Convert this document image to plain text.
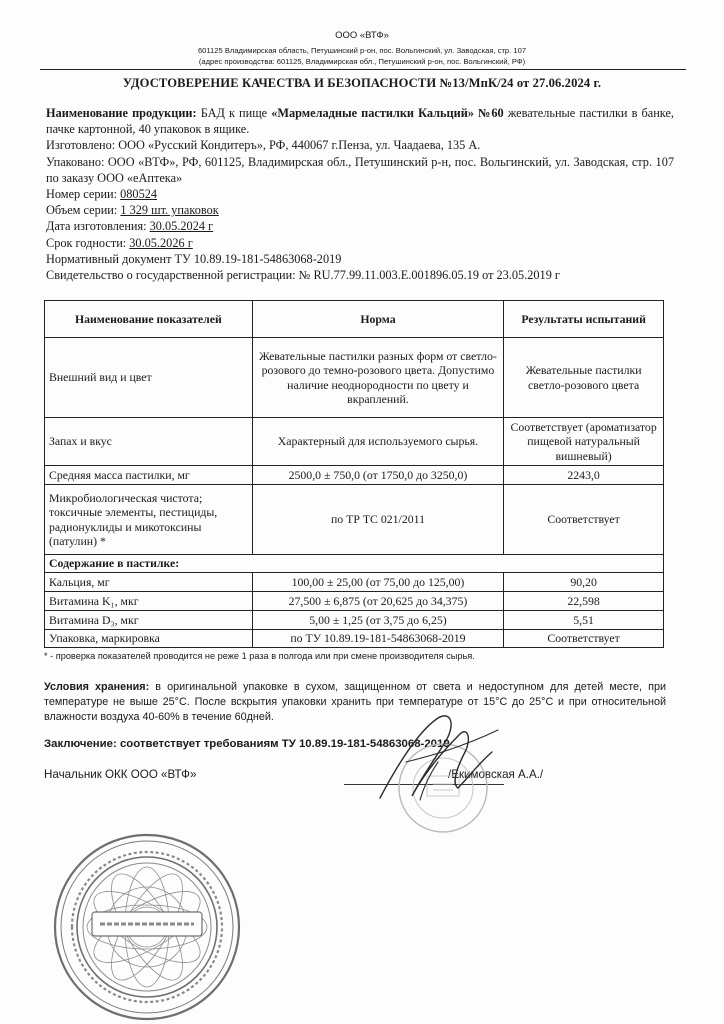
ООО «ВТФ»
601125 Владимирская область, Петушинский р-он, пос. Вольгинский, ул. Заводская, стр. 107
(адрес производства: 601125, Владимирская обл., Петушинский р-он, пос. Вольгинский, РФ)
УДОСТОВЕРЕНИЕ КАЧЕСТВА И БЕЗОПАСНОСТИ №13/МпК/24 от 27.06.2024 г.

Наименование продукции: БАД к пище «Мармеладные пастилки Кальций» №60 жевательные пастилки в банке, пачке картонной, 40 упаковок в ящике.

Изготовлено: ООО «Русский Кондитеръ», РФ, 440067 г.Пенза, ул. Чаадаева, 135 А.

Упаковано: ООО «ВТФ», РФ, 601125, Владимирская обл., Петушинский р-н, пос. Вольгинский, ул. Заводская, стр. 107 по заказу ООО «еАптека»

Номер серии: 080524

Объем серии: 1 329 шт. упаковок

Дата изготовления: 30.05.2024 г

Срок годности: 30.05.2026 г

Нормативный документ ТУ 10.89.19-181-54863068-2019

Свидетельство о государственной регистрации: № RU.77.99.11.003.Е.001896.05.19 от 23.05.2019 г

Наименование показателей	Норма	Результаты испытаний
Внешний вид и цвет	Жевательные пастилки разных форм от светло-розового до темно-розового цвета. Допустимо наличие неоднородности по цвету и вкраплений.	Жевательные пастилки светло-розового цвета
Запах и вкус	Характерный для используемого сырья.	Соответствует (ароматизатор пищевой натуральный вишневый)
Средняя масса пастилки, мг	2500,0 ± 750,0 (от 1750,0 до 3250,0)	2243,0
Микробиологическая чистота; токсичные элементы, пестициды, радионуклиды и микотоксины (патулин) *	по ТР ТС 021/2011	Соответствует
Содержание в пастилке:		
Кальция, мг	100,00 ± 25,00 (от 75,00 до 125,00)	90,20
Витамина K₁, мкг	27,500 ± 6,875 (от 20,625 до 34,375)	22,598
Витамина D₃, мкг	5,00 ± 1,25 (от 3,75 до 6,25)	5,51
Упаковка, маркировка	по ТУ 10.89.19-181-54863068-2019	Соответствует
* - проверка показателей проводится не реже 1 раза в полгода или при смене производителя сырья.
Условия хранения: в оригинальной упаковке в сухом, защищенном от света и недоступном для детей месте, при температуре не выше 25°С. После вскрытия упаковки хранить при температуре от 15°С до 25°С и при относительной влажности воздуха 40-60% в течение 60дней.
Заключение: соответствует требованиям ТУ 10.89.19-181-54863068-2019
Начальник ОКК ООО «ВТФ»	/Екимовская А.А./
